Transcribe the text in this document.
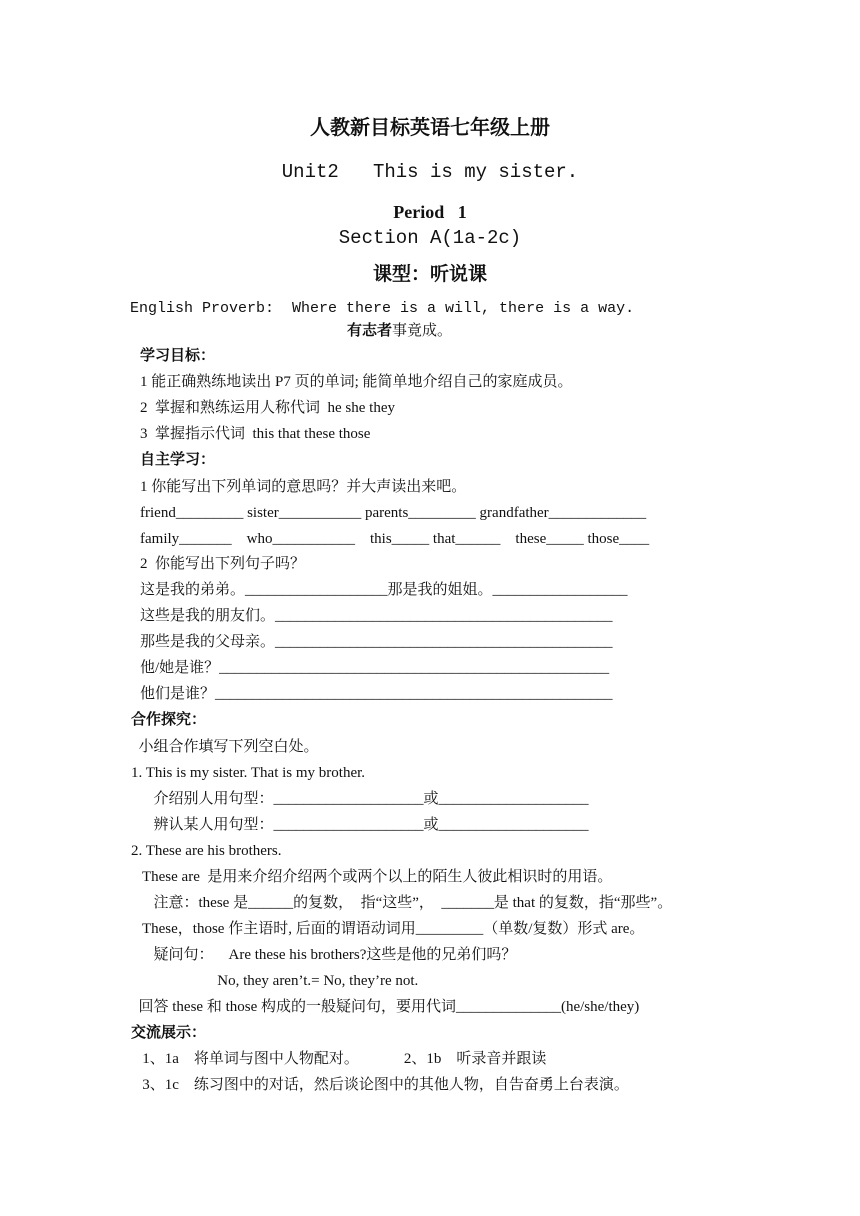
人教新目标英语七年级上册
Unit2   This is my sister.
Period   1
Section A(1a-2c)
课型：听说课
English Proverb:  Where there is a will, there is a way.
有志者事竟成。
学习目标：
1 能正确熟练地读出 P7 页的单词; 能简单地介绍自己的家庭成员。
2  掌握和熟练运用人称代词  he she they
3  掌握指示代词  this that these those
自主学习：
1 你能写出下列单词的意思吗？并大声读出来吧。
friend_________ sister___________ parents_________ grandfather_____________
family_______    who___________    this_____ that______    these_____ those____
2  你能写出下列句子吗？
这是我的弟弟。___________________那是我的姐姐。__________________
这些是我的朋友们。_____________________________________________
那些是我的父母亲。_____________________________________________
他/她是谁？____________________________________________________
他们是谁？_____________________________________________________
合作探究：
小组合作填写下列空白处。
1. This is my sister. That is my brother.
介绍别人用句型：____________________或____________________
辨认某人用句型：____________________或____________________
2. These are his brothers.
These are  是用来介绍介绍两个或两个以上的陌生人彼此相识时的用语。
注意：these 是______的复数，  指“这些”，  _______是 that 的复数，指“那些”。
These，those 作主语时, 后面的谓语动词用_________（单数/复数）形式 are。
疑问句：    Are these his brothers?这些是他的兄弟们吗？
No, they aren’t.= No, they’re not.
回答 these 和 those 构成的一般疑问句，要用代词______________(he/she/they)
交流展示：
1、1a    将单词与图中人物配对。            2、1b    听录音并跟读
3、1c    练习图中的对话，然后谈论图中的其他人物，自告奋勇上台表演。
